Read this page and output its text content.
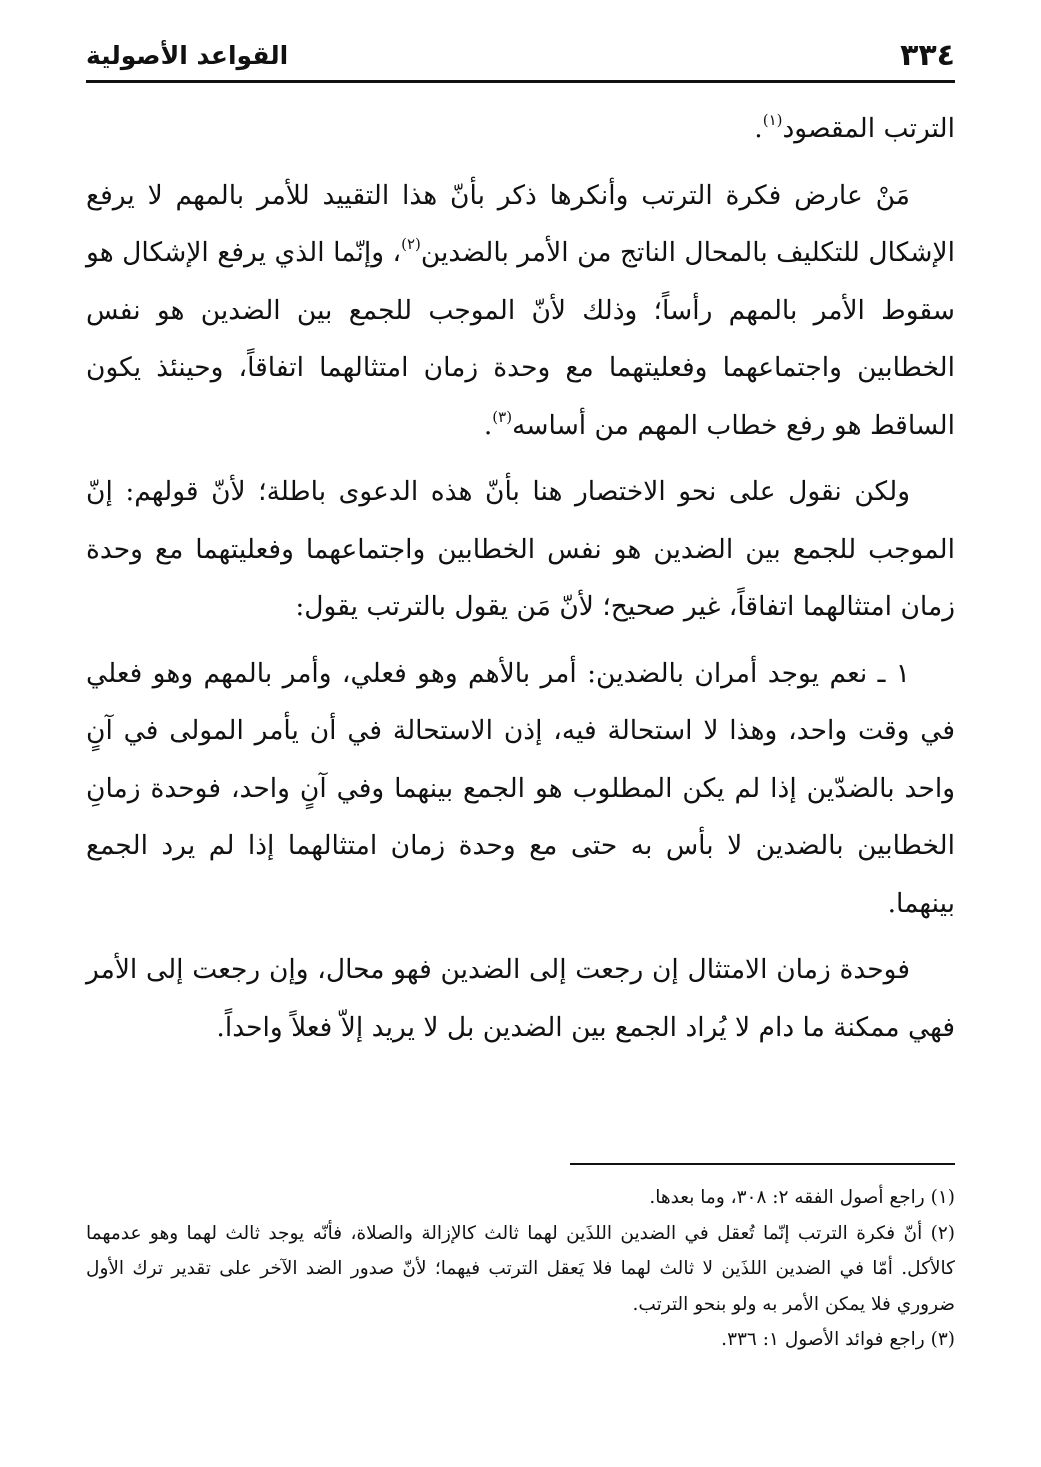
٣٣٤
القواعد الأصولية

الترتب المقصود$^{(١)}$.

مَنْ عارض فكرة الترتب وأنكرها ذكر بأنّ هذا التقييد للأمر بالمهم لا يرفع الإشكال للتكليف بالمحال الناتج من الأمر بالضدين$^{(٢)}$، وإنّما الذي يرفع الإشكال هو سقوط الأمر بالمهم رأساً؛ وذلك لأنّ الموجب للجمع بين الضدين هو نفس الخطابين واجتماعهما وفعليتهما مع وحدة زمان امتثالهما اتفاقاً، وحينئذ يكون الساقط هو رفع خطاب المهم من أساسه$^{(٣)}$.

ولكن نقول على نحو الاختصار هنا بأنّ هذه الدعوى باطلة؛ لأنّ قولهم: إنّ الموجب للجمع بين الضدين هو نفس الخطابين واجتماعهما وفعليتهما مع وحدة زمان امتثالهما اتفاقاً، غير صحيح؛ لأنّ مَن يقول بالترتب يقول:

١ ـ نعم يوجد أمران بالضدين: أمر بالأهم وهو فعلي، وأمر بالمهم وهو فعلي في وقت واحد، وهذا لا استحالة فيه، إذن الاستحالة في أن يأمر المولى في آنٍ واحد بالضدّين إذا لم يكن المطلوب هو الجمع بينهما وفي آنٍ واحد، فوحدة زمانِ الخطابين بالضدين لا بأس به حتى مع وحدة زمان امتثالهما إذا لم يرد الجمع بينهما.

فوحدة زمان الامتثال إن رجعت إلى الضدين فهو محال، وإن رجعت إلى الأمر فهي ممكنة ما دام لا يُراد الجمع بين الضدين بل لا يريد إلاّ فعلاً واحداً.

(١) راجع أصول الفقه ٢: ٣٠٨، وما بعدها.

(٢) أنّ فكرة الترتب إنّما تُعقل في الضدين اللذَين لهما ثالث كالإزالة والصلاة، فأنّه يوجد ثالث لهما وهو عدمهما كالأكل. أمّا في الضدين اللذَين لا ثالث لهما فلا يَعقل الترتب فيهما؛ لأنّ صدور الضد الآخر على تقدير ترك الأول ضروري فلا يمكن الأمر به ولو بنحو الترتب.

(٣) راجع فوائد الأصول ١: ٣٣٦.
